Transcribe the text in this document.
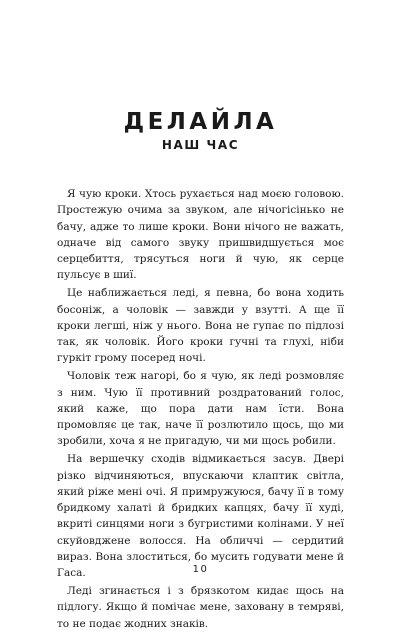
ДЕЛАЙЛА
НАШ ЧАС

Я чую кроки. Хтось рухається над моєю головою. Простежую очима за звуком, але нічогісінько не бачу, адже то лише кроки. Вони нічого не важать, одначе від самого звуку пришвидшується моє серцебиття, трясуться ноги й чую, як серце пульсує в шиї.

Це наближається леді, я певна, бо вона ходить босоніж, а чоловік — завжди у взутті. А ще її кроки легші, ніж у нього. Вона не гупає по підлозі так, як чоловік. Його кроки гучні та глухі, ніби гуркіт грому посеред ночі.

Чоловік теж нагорі, бо я чую, як леді розмовляє з ним. Чую її противний роздратований голос, який каже, що пора дати нам їсти. Вона промовляє це так, наче її розлютило щось, що ми зробили, хоча я не пригадую, чи ми щось робили.

На вершечку сходів відмикається засув. Двері різко відчиняються, впускаючи клаптик світла, який ріже мені очі. Я примружуюся, бачу її в тому бридкому халаті й бридких капцях, бачу її худі, вкриті синцями ноги з бугристими колінами. У неї скуйовджене волосся. На обличчі — сердитий вираз. Вона злоститься, бо мусить годувати мене й Гаса.

Леді згинається і з брязкотом кидає щось на підлогу. Якщо й помічає мене, заховану в темряві, то не подає жодних знаків.

10
